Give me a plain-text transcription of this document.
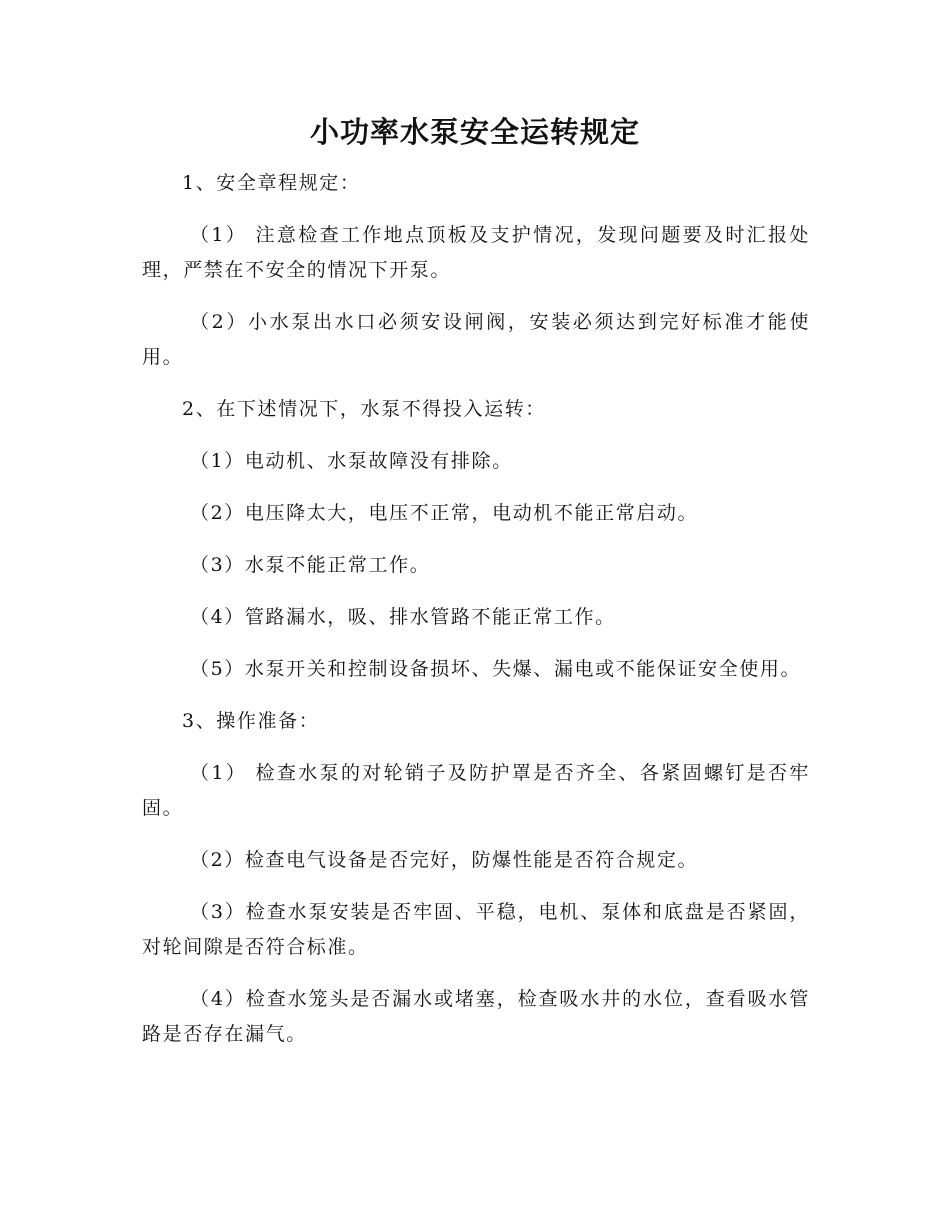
小功率水泵安全运转规定

1、安全章程规定：

（1） 注意检查工作地点顶板及支护情况，发现问题要及时汇报处理，严禁在不安全的情况下开泵。

（2）小水泵出水口必须安设闸阀，安装必须达到完好标准才能使用。

2、在下述情况下，水泵不得投入运转：

（1）电动机、水泵故障没有排除。

（2）电压降太大，电压不正常，电动机不能正常启动。

（3）水泵不能正常工作。

（4）管路漏水，吸、排水管路不能正常工作。

（5）水泵开关和控制设备损坏、失爆、漏电或不能保证安全使用。

3、操作准备：

（1） 检查水泵的对轮销子及防护罩是否齐全、各紧固螺钉是否牢固。

（2）检查电气设备是否完好，防爆性能是否符合规定。

（3）检查水泵安装是否牢固、平稳，电机、泵体和底盘是否紧固，对轮间隙是否符合标准。

（4）检查水笼头是否漏水或堵塞，检查吸水井的水位，查看吸水管路是否存在漏气。
